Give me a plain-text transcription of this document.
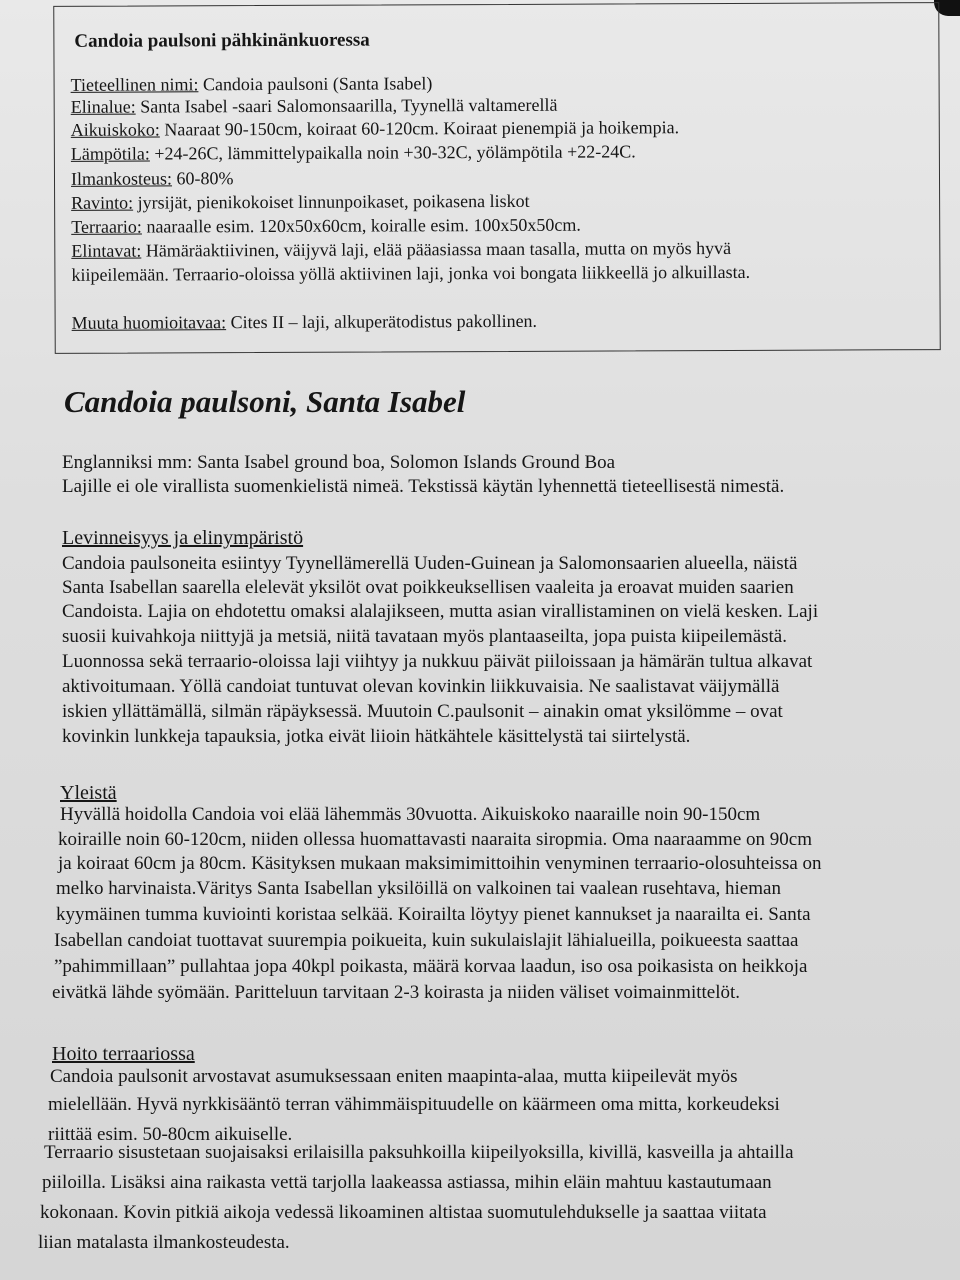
Candoia paulsoni pähkinänkuoressa
Tieteellinen nimi: Candoia paulsoni (Santa Isabel)
Elinalue: Santa Isabel -saari Salomonsaarilla, Tyynellä valtamerellä
Aikuiskoko: Naaraat 90-150cm, koiraat 60-120cm. Koiraat pienempiä ja hoikempia.
Lämpötila: +24-26C, lämmittelypaikalla noin +30-32C, yölämpötila +22-24C.
Ilmankosteus: 60-80%
Ravinto: jyrsijät, pienikokoiset linnunpoikaset, poikasena liskot
Terraario: naaraalle esim. 120x50x60cm, koiralle esim. 100x50x50cm.
Elintavat: Hämäräaktiivinen, väijyvä laji, elää pääasiassa maan tasalla, mutta on myös hyvä
kiipeilemään. Terraario-oloissa yöllä aktiivinen laji, jonka voi bongata liikkeellä jo alkuillasta.
Muuta huomioitavaa: Cites II – laji, alkuperätodistus pakollinen.
Candoia paulsoni, Santa Isabel
Englanniksi mm: Santa Isabel ground boa, Solomon Islands Ground Boa
Lajille ei ole virallista suomenkielistä nimeä. Tekstissä käytän lyhennettä tieteellisestä nimestä.
Levinneisyys ja elinympäristö
Candoia paulsoneita esiintyy Tyynellämerellä Uuden-Guinean ja Salomonsaarien alueella, näistä
Santa Isabellan saarella elelevät yksilöt ovat poikkeuksellisen vaaleita ja eroavat muiden saarien
Candoista. Lajia on ehdotettu omaksi alalajikseen, mutta asian virallistaminen on vielä kesken. Laji
suosii kuivahkoja niittyjä ja metsiä, niitä tavataan myös plantaaseilta, jopa puista kiipeilemästä.
Luonnossa sekä terraario-oloissa laji viihtyy ja nukkuu päivät piiloissaan ja hämärän tultua alkavat
aktivoitumaan. Yöllä candoiat tuntuvat olevan kovinkin liikkuvaisia. Ne saalistavat väijymällä
iskien yllättämällä, silmän räpäyksessä. Muutoin C.paulsonit – ainakin omat yksilömme – ovat
kovinkin lunkkeja tapauksia, jotka eivät liioin hätkähtele käsittelystä tai siirtelystä.
Yleistä
Hyvällä hoidolla Candoia voi elää lähemmäs 30vuotta. Aikuiskoko naaraille noin 90-150cm
koiraille noin 60-120cm, niiden ollessa huomattavasti naaraita siropmia. Oma naaraamme on 90cm
ja koiraat 60cm ja 80cm. Käsityksen mukaan maksimimittoihin venyminen terraario-olosuhteissa on
melko harvinaista.Väritys Santa Isabellan yksilöillä on valkoinen tai vaalean rusehtava, hieman
kyymäinen tumma kuviointi koristaa selkää. Koirailta löytyy pienet kannukset ja naarailta ei. Santa
Isabellan candoiat tuottavat suurempia poikueita, kuin sukulaislajit lähialueilla, poikueesta saattaa
”pahimmillaan” pullahtaa jopa 40kpl poikasta, määrä korvaa laadun, iso osa poikasista on heikkoja
eivätkä lähde syömään. Paritteluun tarvitaan 2-3 koirasta ja niiden väliset voimainmittelöt.
Hoito terraariossa
Candoia paulsonit arvostavat asumuksessaan eniten maapinta-alaa, mutta kiipeilevät myös
mielellään. Hyvä nyrkkisääntö terran vähimmäispituudelle on käärmeen oma mitta, korkeudeksi
riittää esim. 50-80cm aikuiselle.
Terraario sisustetaan suojaisaksi erilaisilla paksuhkoilla kiipeilyoksilla, kivillä, kasveilla ja ahtailla
piiloilla. Lisäksi aina raikasta vettä tarjolla laakeassa astiassa, mihin eläin mahtuu kastautumaan
kokonaan. Kovin pitkiä aikoja vedessä likoaminen altistaa suomutulehdukselle ja saattaa viitata
liian matalasta ilmankosteudesta.
